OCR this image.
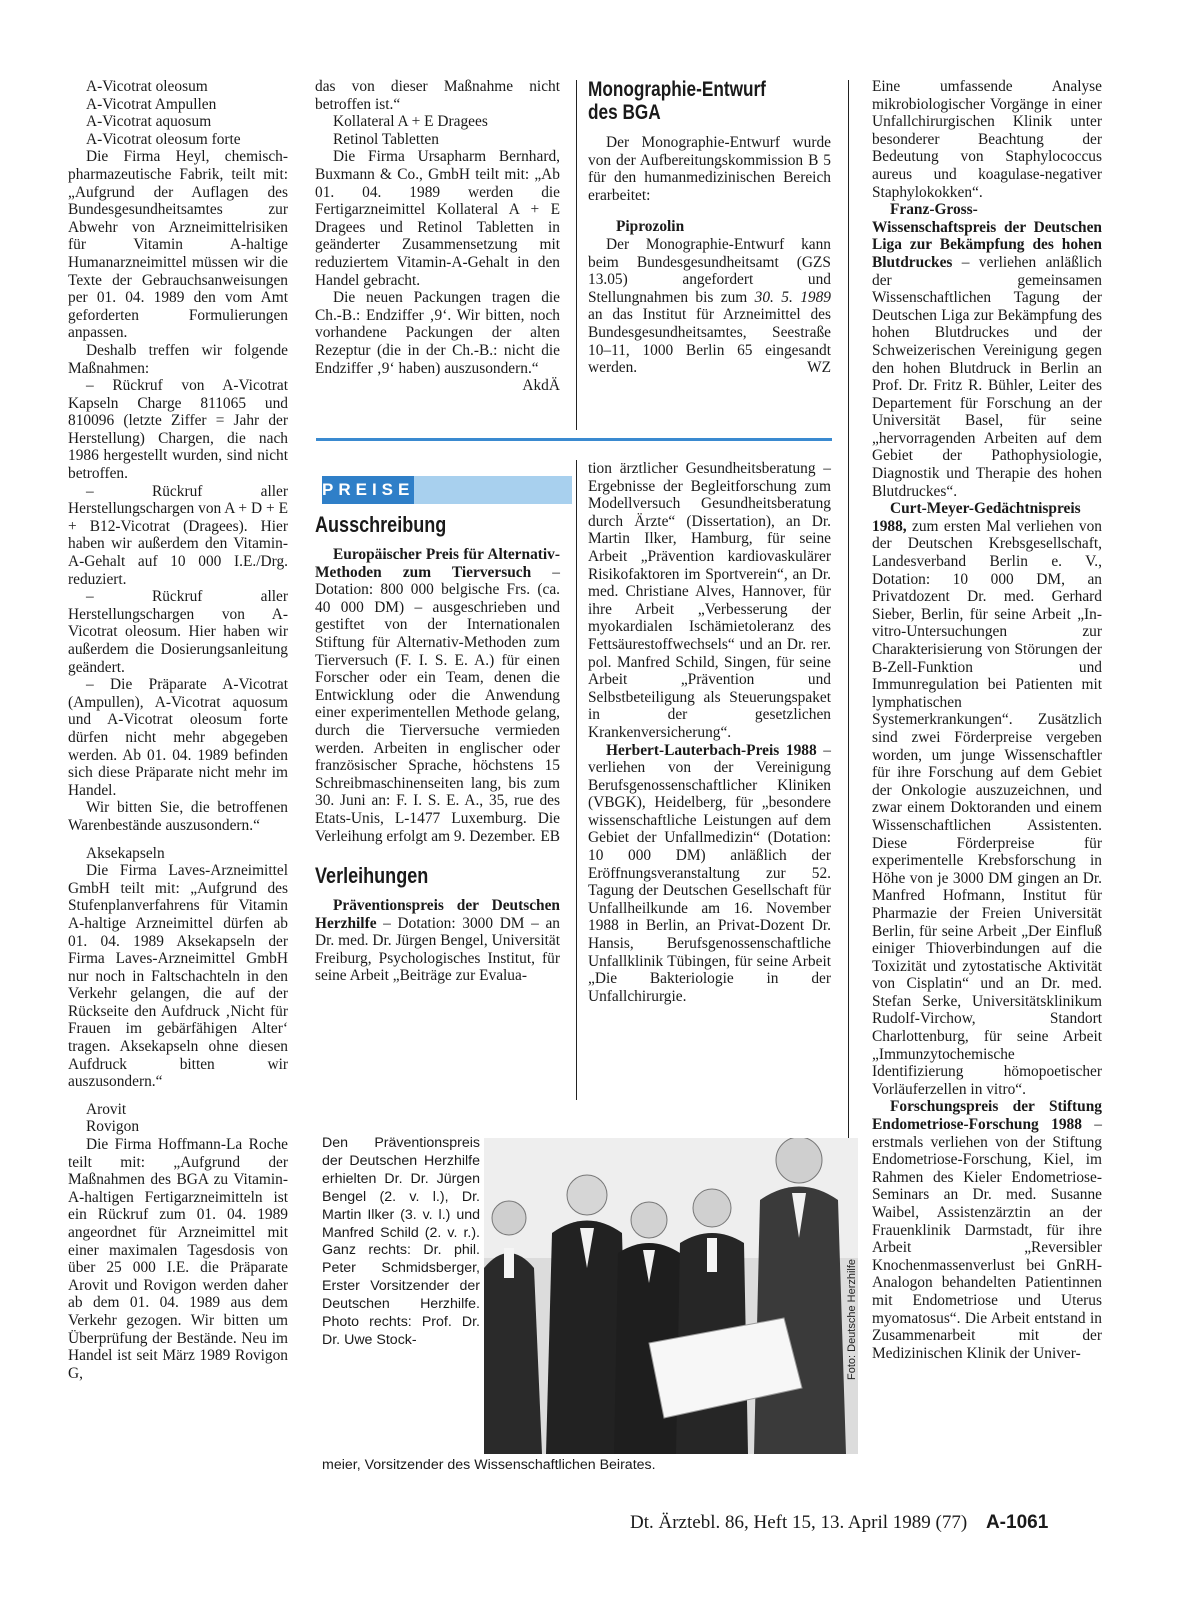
A-Vicotrat oleosum

A-Vicotrat Ampullen

A-Vicotrat aquosum

A-Vicotrat oleosum forte

Die Firma Heyl, chemisch-pharmazeutische Fabrik, teilt mit: „Aufgrund der Auflagen des Bundesgesundheitsamtes zur Abwehr von Arzneimittelrisiken für Vitamin A-haltige Humanarzneimittel müssen wir die Texte der Gebrauchsanweisungen per 01. 04. 1989 den vom Amt geforderten Formulierungen anpassen.

Deshalb treffen wir folgende Maßnahmen:

– Rückruf von A-Vicotrat Kapseln Charge 811065 und 810096 (letzte Ziffer = Jahr der Herstellung) Chargen, die nach 1986 hergestellt wurden, sind nicht betroffen.

– Rückruf aller Herstellungschargen von A + D + E + B12-Vicotrat (Dragees). Hier haben wir außerdem den Vitamin- A-Gehalt auf 10 000 I.E./Drg. reduziert.

– Rückruf aller Herstellungschargen von A-Vicotrat oleosum. Hier haben wir außerdem die Dosierungsanleitung geändert.

– Die Präparate A-Vicotrat (Ampullen), A-Vicotrat aquosum und A-Vicotrat oleosum forte dürfen nicht mehr abgegeben werden. Ab 01. 04. 1989 befinden sich diese Präparate nicht mehr im Handel.

Wir bitten Sie, die betroffenen Warenbestände auszusondern.“

Aksekapseln

Die Firma Laves-Arzneimittel GmbH teilt mit: „Aufgrund des Stufenplanverfahrens für Vitamin A-haltige Arzneimittel dürfen ab 01. 04. 1989 Aksekapseln der Firma Laves-Arzneimittel GmbH nur noch in Faltschachteln in den Verkehr gelangen, die auf der Rückseite den Aufdruck ‚Nicht für Frauen im gebärfähigen Alter‘ tragen. Aksekapseln ohne diesen Aufdruck bitten wir auszusondern.“

Arovit

Rovigon

Die Firma Hoffmann-La Roche teilt mit: „Aufgrund der Maßnahmen des BGA zu Vitamin-A-haltigen Fertigarzneimitteln ist ein Rückruf zum 01. 04. 1989 angeordnet für Arzneimittel mit einer maximalen Tagesdosis von über 25 000 I.E. die Präparate Arovit und Rovigon werden daher ab dem 01. 04. 1989 aus dem Verkehr gezogen. Wir bitten um Überprüfung der Bestände. Neu im Handel ist seit März 1989 Rovigon G,

das von dieser Maßnahme nicht betroffen ist.“

Kollateral A + E Dragees

Retinol Tabletten

Die Firma Ursapharm Bernhard, Buxmann & Co., GmbH teilt mit: „Ab 01. 04. 1989 werden die Fertigarzneimittel Kollateral A + E Dragees und Retinol Tabletten in geänderter Zusammensetzung mit reduziertem Vitamin-A-Gehalt in den Handel gebracht.

Die neuen Packungen tragen die Ch.-B.: Endziffer ‚9‘. Wir bitten, noch vorhandene Packungen der alten Rezeptur (die in der Ch.-B.: nicht die Endziffer ‚9‘ haben) auszusondern.“
AkdÄ

Monographie-Entwurf
des BGA

Der Monographie-Entwurf wurde von der Aufbereitungskommission B 5 für den humanmedizinischen Bereich erarbeitet:

Piprozolin

Der Monographie-Entwurf kann beim Bundesgesundheitsamt (GZS 13.05) angefordert und Stellungnahmen bis zum 30. 5. 1989 an das Institut für Arzneimittel des Bundesgesundheitsamtes, Seestraße 10–11, 1000 Berlin 65 eingesandt werden.	WZ

PREISE
Ausschreibung

Europäischer Preis für Alternativ-Methoden zum Tierversuch – Dotation: 800 000 belgische Frs. (ca. 40 000 DM) – ausgeschrieben und gestiftet von der Internationalen Stiftung für Alternativ-Methoden zum Tierversuch (F. I. S. E. A.) für einen Forscher oder ein Team, denen die Entwicklung oder die Anwendung einer experimentellen Methode gelang, durch die Tierversuche vermieden werden. Arbeiten in englischer oder französischer Sprache, höchstens 15 Schreibmaschinenseiten lang, bis zum 30. Juni an: F. I. S. E. A., 35, rue des Etats-Unis, L-1477 Luxemburg. Die Verleihung erfolgt am 9. Dezember. EB

Verleihungen

Präventionspreis der Deutschen Herzhilfe – Dotation: 3000 DM – an Dr. med. Dr. Jürgen Bengel, Universität Freiburg, Psychologisches Institut, für seine Arbeit „Beiträge zur Evalua-

tion ärztlicher Gesundheitsberatung – Ergebnisse der Begleitforschung zum Modellversuch Gesundheitsberatung durch Ärzte“ (Dissertation), an Dr. Martin Ilker, Hamburg, für seine Arbeit „Prävention kardiovaskulärer Risikofaktoren im Sportverein“, an Dr. med. Christiane Alves, Hannover, für ihre Arbeit „Verbesserung der myokardialen Ischämietoleranz des Fettsäurestoffwechsels“ und an Dr. rer. pol. Manfred Schild, Singen, für seine Arbeit „Prävention und Selbstbeteiligung als Steuerungspaket in der gesetzlichen Krankenversicherung“.

Herbert-Lauterbach-Preis 1988 – verliehen von der Vereinigung Berufsgenossenschaftlicher Kliniken (VBGK), Heidelberg, für „besondere wissenschaftliche Leistungen auf dem Gebiet der Unfallmedizin“ (Dotation: 10 000 DM) anläßlich der Eröffnungsveranstaltung zur 52. Tagung der Deutschen Gesellschaft für Unfallheilkunde am 16. November 1988 in Berlin, an Privat-Dozent Dr. Hansis, Berufsgenossenschaftliche Unfallklinik Tübingen, für seine Arbeit „Die Bakteriologie in der Unfallchirurgie.

Eine umfassende Analyse mikrobiologischer Vorgänge in einer Unfallchirurgischen Klinik unter besonderer Beachtung der Bedeutung von Staphylococcus aureus und koagulase-negativer Staphylokokken“.

Franz-Gross-Wissenschaftspreis der Deutschen Liga zur Bekämpfung des hohen Blutdruckes – verliehen anläßlich der gemeinsamen Wissenschaftlichen Tagung der Deutschen Liga zur Bekämpfung des hohen Blutdruckes und der Schweizerischen Vereinigung gegen den hohen Blutdruck in Berlin an Prof. Dr. Fritz R. Bühler, Leiter des Departement für Forschung an der Universität Basel, für seine „hervorragenden Arbeiten auf dem Gebiet der Pathophysiologie, Diagnostik und Therapie des hohen Blutdruckes“.

Curt-Meyer-Gedächtnispreis 1988, zum ersten Mal verliehen von der Deutschen Krebsgesellschaft, Landesverband Berlin e. V., Dotation: 10 000 DM, an Privatdozent Dr. med. Gerhard Sieber, Berlin, für seine Arbeit „In-vitro-Untersuchungen zur Charakterisierung von Störungen der B-Zell-Funktion und Immunregulation bei Patienten mit lymphatischen Systemerkrankungen“. Zusätzlich sind zwei Förderpreise vergeben worden, um junge Wissenschaftler für ihre Forschung auf dem Gebiet der Onkologie auszuzeichnen, und zwar einem Doktoranden und einem Wissenschaftlichen Assistenten. Diese Förderpreise für experimentelle Krebsforschung in Höhe von je 3000 DM gingen an Dr. Manfred Hofmann, Institut für Pharmazie der Freien Universität Berlin, für seine Arbeit „Der Einfluß einiger Thioverbindungen auf die Toxizität und zytostatische Aktivität von Cisplatin“ und an Dr. med. Stefan Serke, Universitätsklinikum Rudolf-Virchow, Standort Charlottenburg, für seine Arbeit „Immunzytochemische Identifizierung hömopoetischer Vorläuferzellen in vitro“.

Forschungspreis der Stiftung Endometriose-Forschung 1988 – erstmals verliehen von der Stiftung Endometriose-Forschung, Kiel, im Rahmen des Kieler Endometriose-Seminars an Dr. med. Susanne Waibel, Assistenzärztin an der Frauenklinik Darmstadt, für ihre Arbeit „Reversibler Knochenmassenverlust bei GnRH-Analogon behandelten Patientinnen mit Endometriose und Uterus myomatosus“. Die Arbeit entstand in Zusammenarbeit mit der Medizinischen Klinik der Univer-

Den Präventionspreis der Deutschen Herzhilfe erhielten Dr. Dr. Jürgen Bengel (2. v. l.), Dr. Martin Ilker (3. v. l.) und Manfred Schild (2. v. r.). Ganz rechts: Dr. phil. Peter Schmidsberger, Erster Vorsitzender der Deutschen Herzhilfe. Photo rechts: Prof. Dr. Dr. Uwe Stock-

meier, Vorsitzender des Wissenschaftlichen Beirates.
Foto: Deutsche Herzhilfe
Dt. Ärztebl. 86, Heft 15, 13. April 1989 (77) A-1061
